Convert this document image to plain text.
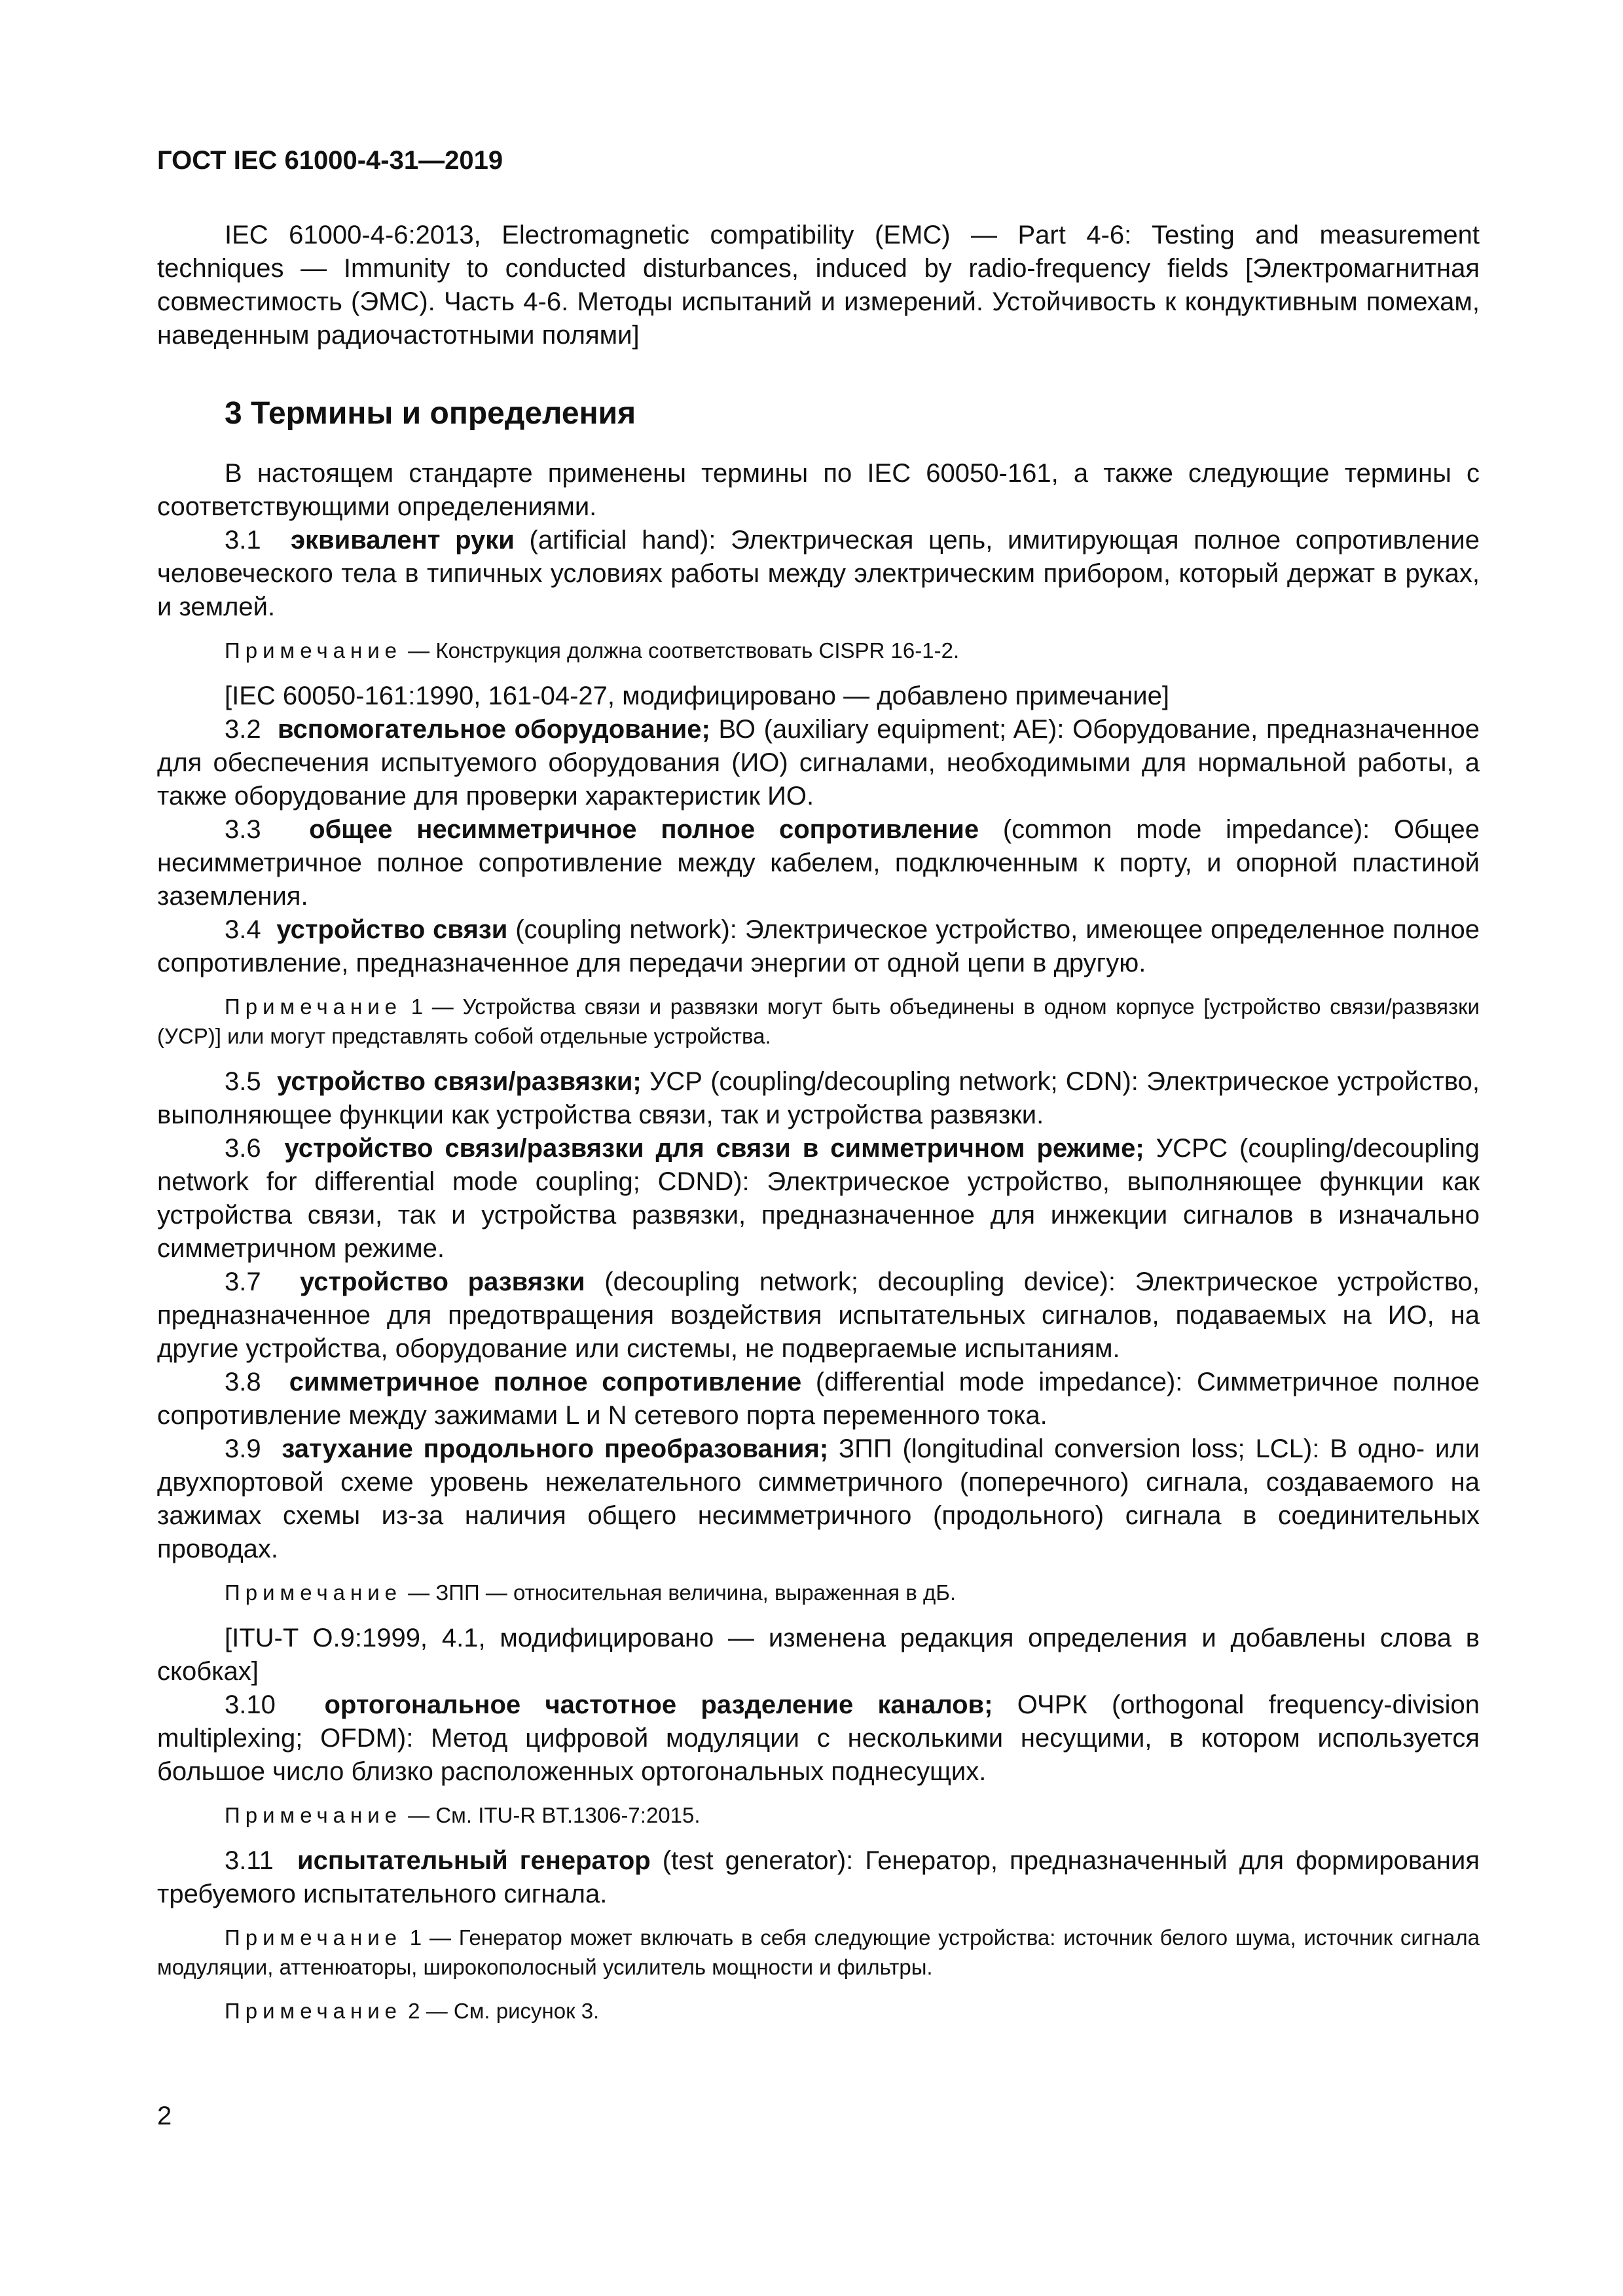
ГОСТ IEC 61000-4-31—2019

IEC 61000-4-6:2013, Electromagnetic compatibility (EMC) — Part 4-6: Testing and measurement techniques — Immunity to conducted disturbances, induced by radio-frequency fields [Электромагнитная совместимость (ЭМС). Часть 4-6. Методы испытаний и измерений. Устойчивость к кондуктивным помехам, наведенным радиочастотными полями]

3 Термины и определения

В настоящем стандарте применены термины по IEC 60050-161, а также следующие термины с соответствующими определениями.

3.1 эквивалент руки (artificial hand): Электрическая цепь, имитирующая полное сопротивление человеческого тела в типичных условиях работы между электрическим прибором, который держат в руках, и землей.

Примечание — Конструкция должна соответствовать CISPR 16-1-2.

[IEC 60050-161:1990, 161-04-27, модифицировано — добавлено примечание]

3.2 вспомогательное оборудование; ВО (auxiliary equipment; AE): Оборудование, предназначенное для обеспечения испытуемого оборудования (ИО) сигналами, необходимыми для нормальной работы, а также оборудование для проверки характеристик ИО.

3.3 общее несимметричное полное сопротивление (common mode impedance): Общее несимметричное полное сопротивление между кабелем, подключенным к порту, и опорной пластиной заземления.

3.4 устройство связи (coupling network): Электрическое устройство, имеющее определенное полное сопротивление, предназначенное для передачи энергии от одной цепи в другую.

Примечание 1 — Устройства связи и развязки могут быть объединены в одном корпусе [устройство связи/развязки (УСР)] или могут представлять собой отдельные устройства.

3.5 устройство связи/развязки; УСР (coupling/decoupling network; CDN): Электрическое устройство, выполняющее функции как устройства связи, так и устройства развязки.

3.6 устройство связи/развязки для связи в симметричном режиме; УСРС (coupling/decoupling network for differential mode coupling; CDND): Электрическое устройство, выполняющее функции как устройства связи, так и устройства развязки, предназначенное для инжекции сигналов в изначально симметричном режиме.

3.7 устройство развязки (decoupling network; decoupling device): Электрическое устройство, предназначенное для предотвращения воздействия испытательных сигналов, подаваемых на ИО, на другие устройства, оборудование или системы, не подвергаемые испытаниям.

3.8 симметричное полное сопротивление (differential mode impedance): Симметричное полное сопротивление между зажимами L и N сетевого порта переменного тока.

3.9 затухание продольного преобразования; ЗПП (longitudinal conversion loss; LCL): В одно- или двухпортовой схеме уровень нежелательного симметричного (поперечного) сигнала, создаваемого на зажимах схемы из-за наличия общего несимметричного (продольного) сигнала в соединительных проводах.

Примечание — ЗПП — относительная величина, выраженная в дБ.

[ITU-T O.9:1999, 4.1, модифицировано — изменена редакция определения и добавлены слова в скобках]

3.10 ортогональное частотное разделение каналов; ОЧРК (orthogonal frequency-division multiplexing; OFDM): Метод цифровой модуляции с несколькими несущими, в котором используется большое число близко расположенных ортогональных поднесущих.

Примечание — См. ITU-R BT.1306-7:2015.

3.11 испытательный генератор (test generator): Генератор, предназначенный для формирования требуемого испытательного сигнала.

Примечание 1 — Генератор может включать в себя следующие устройства: источник белого шума, источник сигнала модуляции, аттенюаторы, широкополосный усилитель мощности и фильтры.

Примечание 2 — См. рисунок 3.

2
